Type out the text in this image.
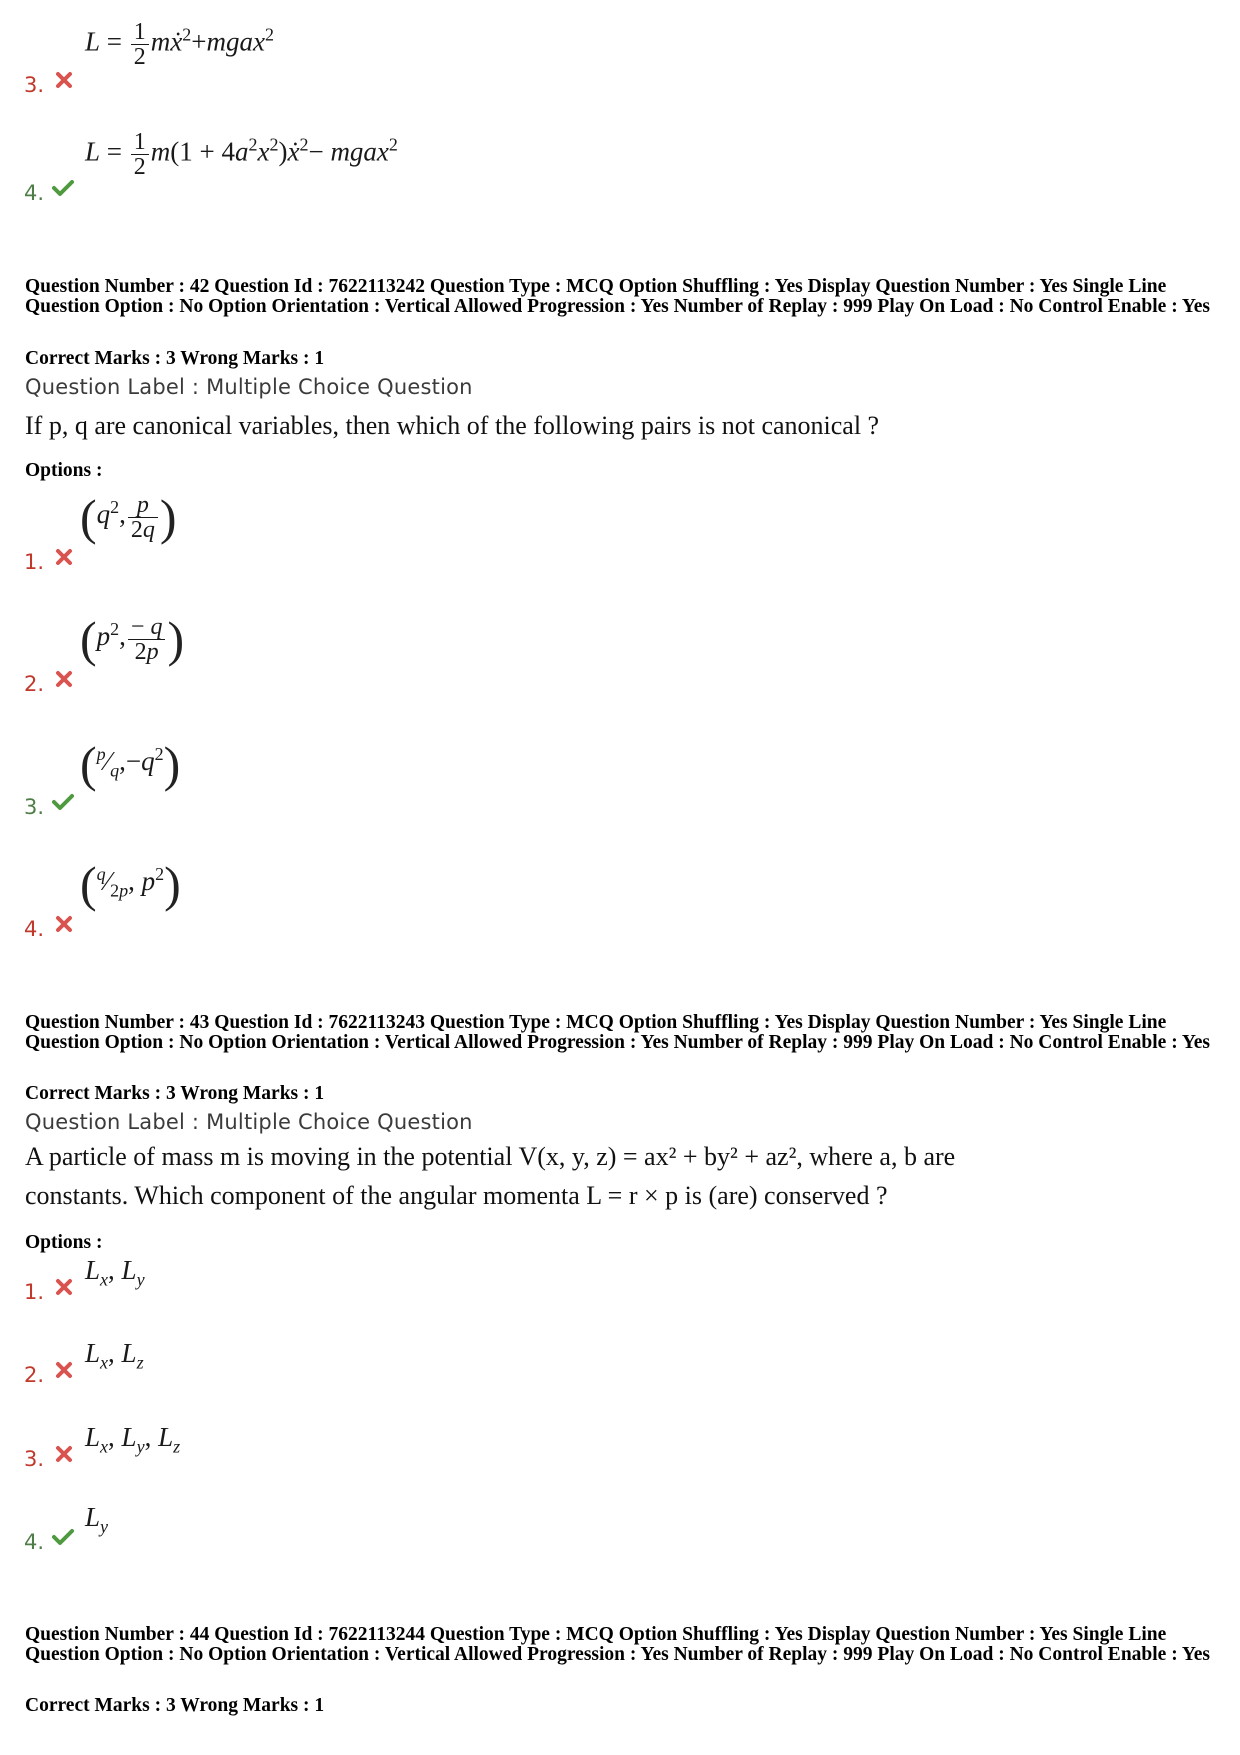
3.
$L = \frac{1}{2}$ mẋ$^2$+mgax$^2$
4.
$L = \frac{1}{2} m(1$ + $4a^2x^2)ẋ^2-$ mgax$^2$
Question Number : 42 Question Id : 7622113242 Question Type : MCQ Option Shuffling : Yes Display Question Number : Yes Single Line Question Option : No Option Orientation : Vertical Allowed Progression : Yes Number of Replay : 999 Play On Load : No Control Enable : Yes
Correct Marks : 3 Wrong Marks : 1
Question Label : Multiple Choice Question
If p, q are canonical variables, then which of the following pairs is not canonical ?
Options :
1.
($q^2$, $\frac{p}{2q}$ )
2.
($p^2$, $\frac{- q}{2p}$ )
3.
$(^p⁄_q,-q^2)$
4.
($^q⁄_{2p}$, $p^2$)
Question Number : 43 Question Id : 7622113243 Question Type : MCQ Option Shuffling : Yes Display Question Number : Yes Single Line Question Option : No Option Orientation : Vertical Allowed Progression : Yes Number of Replay : 999 Play On Load : No Control Enable : Yes
Correct Marks : 3 Wrong Marks : 1
Question Label : Multiple Choice Question
A particle of mass m is moving in the potential V(x, y, z) = ax² + by² + az², where a, b are
constants. Which component of the angular momenta L = r × p is (are) conserved ?
Options :
1.
$L_x$, $L_y$
2.
$L_x$, $L_z$
3.
$L_x$, $L_y$, $L_z$
4.
$L_y$
Question Number : 44 Question Id : 7622113244 Question Type : MCQ Option Shuffling : Yes Display Question Number : Yes Single Line Question Option : No Option Orientation : Vertical Allowed Progression : Yes Number of Replay : 999 Play On Load : No Control Enable : Yes
Correct Marks : 3 Wrong Marks : 1
